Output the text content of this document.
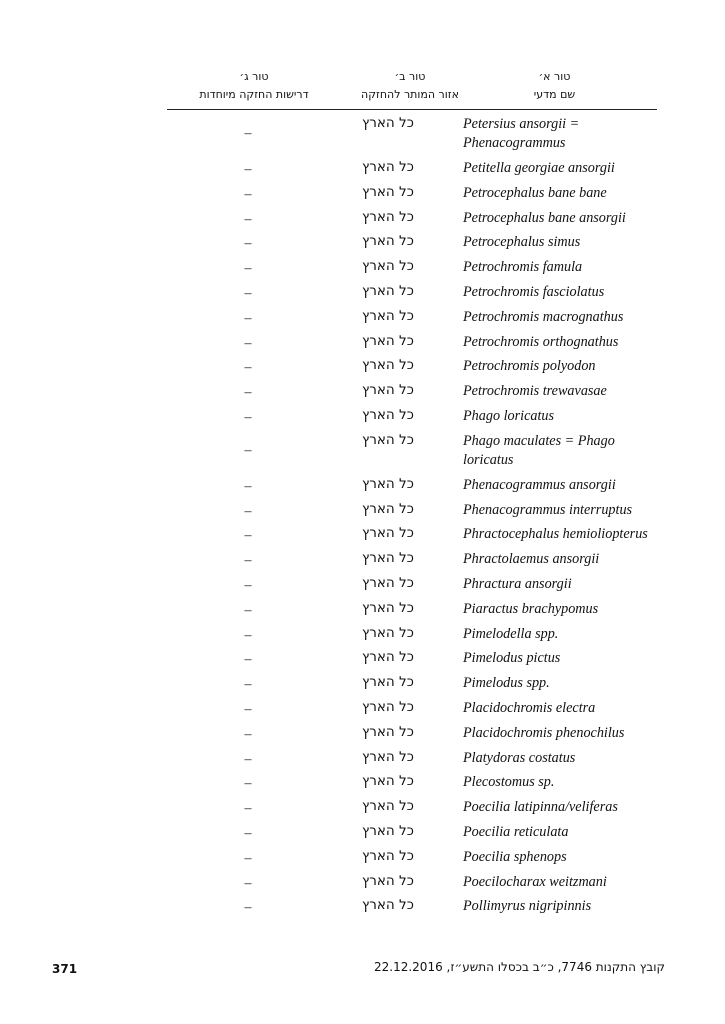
טור א׳
שם מדעי
טור ב׳
אזור המותר להחזקה
טור ג׳
דרישות החזקה מיוחדות
Petersius ansorgii = Phenacogrammus
כל הארץ
–
Petitella georgiae ansorgii
כל הארץ
–
Petrocephalus bane bane
כל הארץ
–
Petrocephalus bane ansorgii
כל הארץ
–
Petrocephalus simus
כל הארץ
–
Petrochromis famula
כל הארץ
–
Petrochromis fasciolatus
כל הארץ
–
Petrochromis macrognathus
כל הארץ
–
Petrochromis orthognathus
כל הארץ
–
Petrochromis polyodon
כל הארץ
–
Petrochromis trewavasae
כל הארץ
–
Phago loricatus
כל הארץ
–
Phago maculates = Phago loricatus
כל הארץ
–
Phenacogrammus ansorgii
כל הארץ
–
Phenacogrammus interruptus
כל הארץ
–
Phractocephalus hemioliopterus
כל הארץ
–
Phractolaemus ansorgii
כל הארץ
–
Phractura ansorgii
כל הארץ
–
Piaractus brachypomus
כל הארץ
–
Pimelodella spp.
כל הארץ
–
Pimelodus pictus
כל הארץ
–
Pimelodus spp.
כל הארץ
–
Placidochromis electra
כל הארץ
–
Placidochromis phenochilus
כל הארץ
–
Platydoras costatus
כל הארץ
–
Plecostomus sp.
כל הארץ
–
Poecilia latipinna/veliferas
כל הארץ
–
Poecilia reticulata
כל הארץ
–
Poecilia sphenops
כל הארץ
–
Poecilocharax weitzmani
כל הארץ
–
Pollimyrus nigripinnis
כל הארץ
–
קובץ התקנות 7746, כ״ב בכסלו התשע״ז, 22.12.2016
371
